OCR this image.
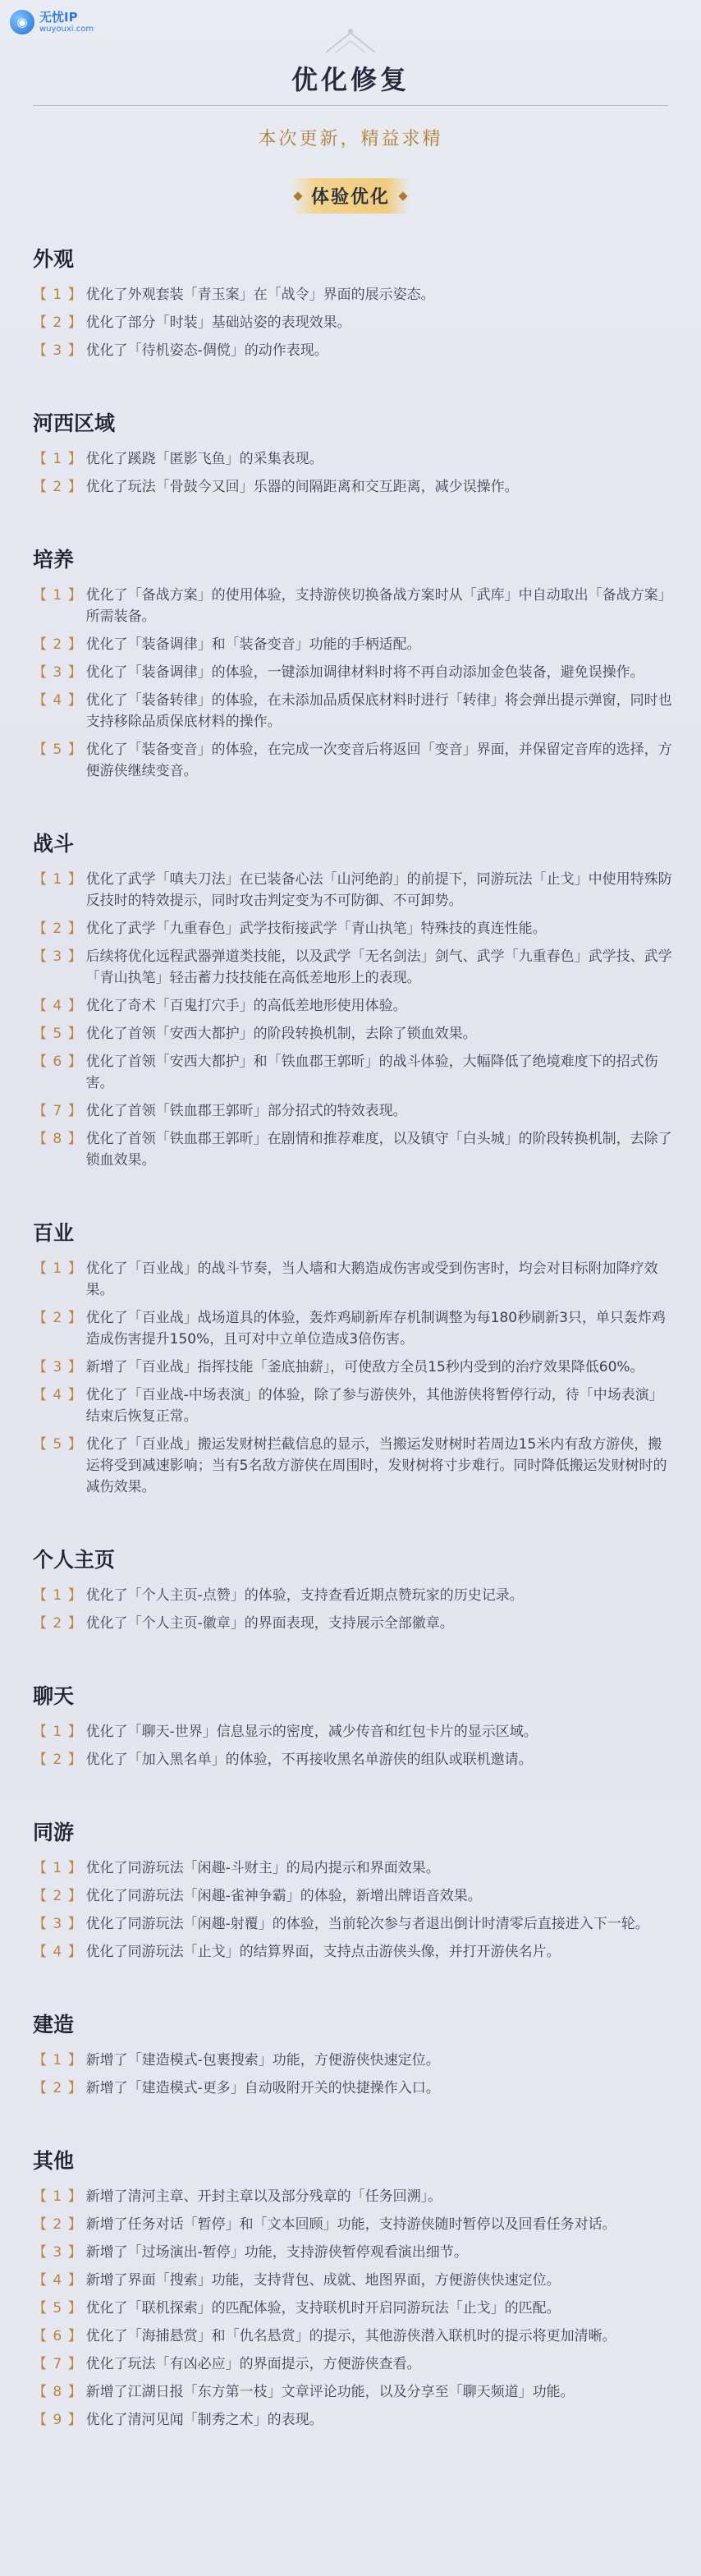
◉ 无忧IP
wuyouxi.com
优化修复
本次更新，精益求精
体验优化
外观
【 1 】 优化了外观套装「青玉案」在「战令」界面的展示姿态。
【 2 】 优化了部分「时装」基础站姿的表现效果。
【 3 】 优化了「待机姿态-倜傥」的动作表现。
河西区域
【 1 】 优化了蹊跷「匿影飞鱼」的采集表现。
【 2 】 优化了玩法「骨鼓今又回」乐器的间隔距离和交互距离，减少误操作。
培养
【 1 】 优化了「备战方案」的使用体验，支持游侠切换备战方案时从「武库」中自动取出「备战方案」所需装备。
【 2 】 优化了「装备调律」和「装备变音」功能的手柄适配。
【 3 】 优化了「装备调律」的体验，一键添加调律材料时将不再自动添加金色装备，避免误操作。
【 4 】 优化了「装备转律」的体验，在未添加品质保底材料时进行「转律」将会弹出提示弹窗，同时也支持移除品质保底材料的操作。
【 5 】 优化了「装备变音」的体验，在完成一次变音后将返回「变音」界面，并保留定音库的选择，方便游侠继续变音。
战斗
【 1 】 优化了武学「嗔夫刀法」在已装备心法「山河绝韵」的前提下，同游玩法「止戈」中使用特殊防反技时的特效提示，同时攻击判定变为不可防御、不可卸势。
【 2 】 优化了武学「九重春色」武学技衔接武学「青山执笔」特殊技的真连性能。
【 3 】 后续将优化远程武器弹道类技能，以及武学「无名剑法」剑气、武学「九重春色」武学技、武学「青山执笔」轻击蓄力技技能在高低差地形上的表现。
【 4 】 优化了奇术「百鬼打穴手」的高低差地形使用体验。
【 5 】 优化了首领「安西大都护」的阶段转换机制，去除了锁血效果。
【 6 】 优化了首领「安西大都护」和「铁血郡王郭昕」的战斗体验，大幅降低了绝境难度下的招式伤害。
【 7 】 优化了首领「铁血郡王郭昕」部分招式的特效表现。
【 8 】 优化了首领「铁血郡王郭昕」在剧情和推荐难度，以及镇守「白头城」的阶段转换机制，去除了锁血效果。
百业
【 1 】 优化了「百业战」的战斗节奏，当人墙和大鹅造成伤害或受到伤害时，均会对目标附加降疗效果。
【 2 】 优化了「百业战」战场道具的体验，轰炸鸡刷新库存机制调整为每180秒刷新3只，单只轰炸鸡造成伤害提升150%，且可对中立单位造成3倍伤害。
【 3 】 新增了「百业战」指挥技能「釜底抽薪」，可使敌方全员15秒内受到的治疗效果降低60%。
【 4 】 优化了「百业战-中场表演」的体验，除了参与游侠外，其他游侠将暂停行动，待「中场表演」结束后恢复正常。
【 5 】 优化了「百业战」搬运发财树拦截信息的显示，当搬运发财树时若周边15米内有敌方游侠，搬运将受到减速影响；当有5名敌方游侠在周围时，发财树将寸步难行。同时降低搬运发财树时的减伤效果。
个人主页
【 1 】 优化了「个人主页-点赞」的体验，支持查看近期点赞玩家的历史记录。
【 2 】 优化了「个人主页-徽章」的界面表现，支持展示全部徽章。
聊天
【 1 】 优化了「聊天-世界」信息显示的密度，减少传音和红包卡片的显示区域。
【 2 】 优化了「加入黑名单」的体验，不再接收黑名单游侠的组队或联机邀请。
同游
【 1 】 优化了同游玩法「闲趣-斗财主」的局内提示和界面效果。
【 2 】 优化了同游玩法「闲趣-雀神争霸」的体验，新增出牌语音效果。
【 3 】 优化了同游玩法「闲趣-射覆」的体验，当前轮次参与者退出倒计时清零后直接进入下一轮。
【 4 】 优化了同游玩法「止戈」的结算界面，支持点击游侠头像，并打开游侠名片。
建造
【 1 】 新增了「建造模式-包裹搜索」功能，方便游侠快速定位。
【 2 】 新增了「建造模式-更多」自动吸附开关的快捷操作入口。
其他
【 1 】 新增了清河主章、开封主章以及部分残章的「任务回溯」。
【 2 】 新增了任务对话「暂停」和「文本回顾」功能，支持游侠随时暂停以及回看任务对话。
【 3 】 新增了「过场演出-暂停」功能，支持游侠暂停观看演出细节。
【 4 】 新增了界面「搜索」功能，支持背包、成就、地图界面，方便游侠快速定位。
【 5 】 优化了「联机探索」的匹配体验，支持联机时开启同游玩法「止戈」的匹配。
【 6 】 优化了「海捕悬赏」和「仇名悬赏」的提示，其他游侠潜入联机时的提示将更加清晰。
【 7 】 优化了玩法「有凶必应」的界面提示，方便游侠查看。
【 8 】 新增了江湖日报「东方第一枝」文章评论功能，以及分享至「聊天频道」功能。
【 9 】 优化了清河见闻「制秀之术」的表现。
